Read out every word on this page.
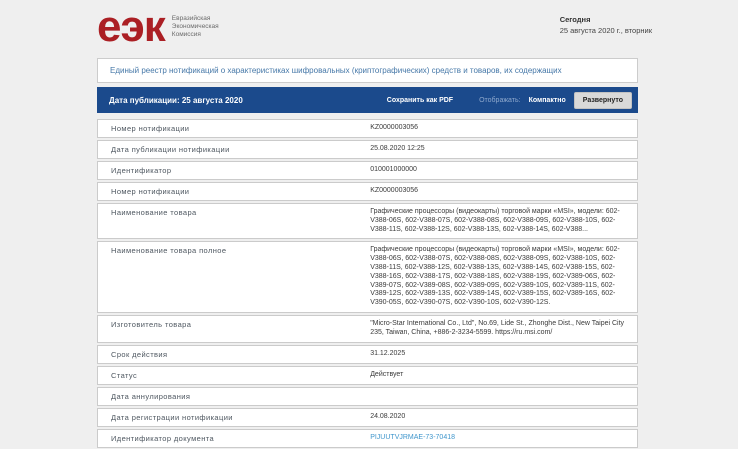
еэк Евразийская
Экономическая
Комиссия
Сегодня
25 августа 2020 г., вторник
Единый реестр нотификаций о характеристиках шифровальных (криптографических) средств и товаров, их содержащих
Дата публикации: 25 августа 2020	Сохранить как PDF	Отображать: Компактно	Развернуто
Номер нотификации	KZ0000003056
Дата публикации нотификации	25.08.2020 12:25
Идентификатор	010001000000
Номер нотификации	KZ0000003056
Наименование товара	Графические процессоры (видеокарты) торговой марки «MSI», модели: 602-V388-06S, 602-V388-07S, 602-V388-08S, 602-V388-09S, 602-V388-10S, 602-V388-11S, 602-V388-12S, 602-V388-13S, 602-V388-14S, 602-V388...
Наименование товара полное	Графические процессоры (видеокарты) торговой марки «MSI», модели: 602-V388-06S, 602-V388-07S, 602-V388-08S, 602-V388-09S, 602-V388-10S, 602-V388-11S, 602-V388-12S, 602-V388-13S, 602-V388-14S, 602-V388-15S, 602-V388-16S, 602-V388-17S, 602-V388-18S, 602-V388-19S, 602-V389-06S, 602-V389-07S, 602-V389-08S, 602-V389-09S, 602-V389-10S, 602-V389-11S, 602-V389-12S, 602-V389-13S, 602-V389-14S, 602-V389-15S, 602-V389-16S, 602-V390-05S, 602-V390-07S, 602-V390-10S, 602-V390-12S.
Изготовитель товара	"Micro-Star International Co., Ltd", No.69, Lide St., Zhonghe Dist., New Taipei City 235, Taiwan, China, +886-2-3234-5599. https://ru.msi.com/
Срок действия	31.12.2025
Статус	Действует
Дата аннулирования
Дата регистрации нотификации	24.08.2020
Идентификатор документа	PIJUUTVJRMAE-73-70418
